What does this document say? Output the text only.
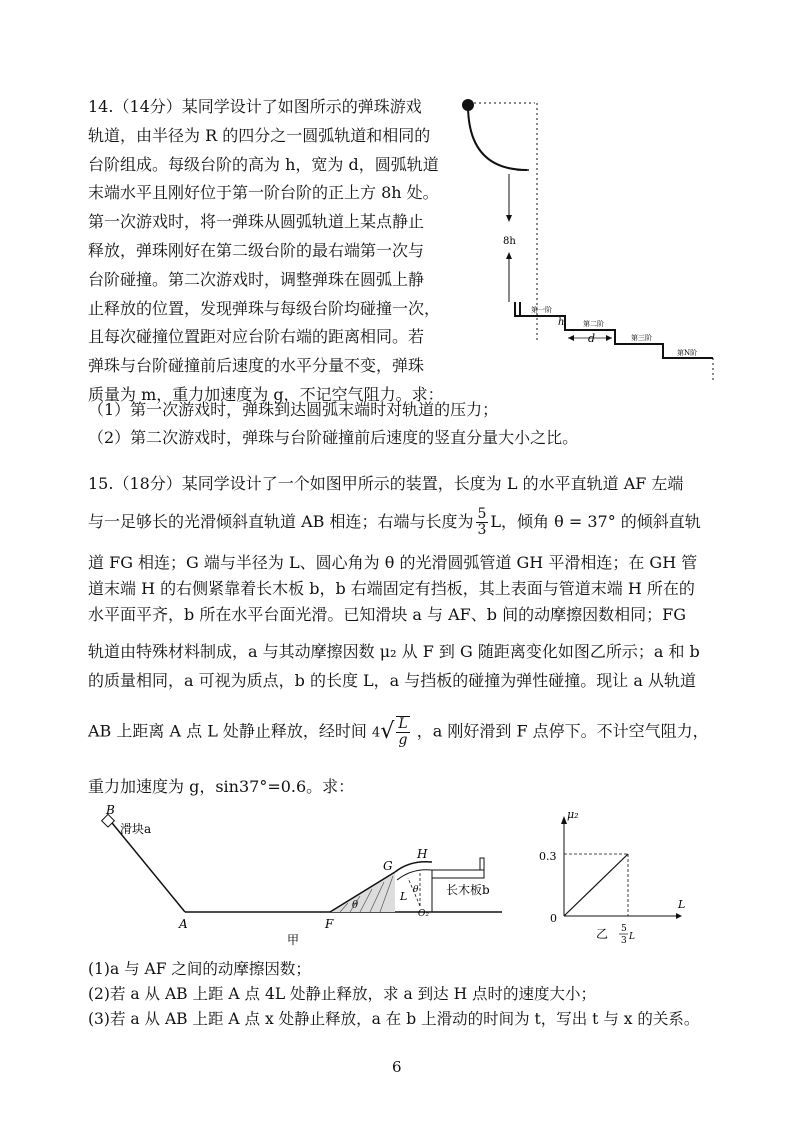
14.（14分）某同学设计了如图所示的弹珠游戏
轨道，由半径为 R 的四分之一圆弧轨道和相同的
台阶组成。每级台阶的高为 h，宽为 d，圆弧轨道
末端水平且刚好位于第一阶台阶的正上方 8h 处。
第一次游戏时，将一弹珠从圆弧轨道上某点静止
释放，弹珠刚好在第二级台阶的最右端第一次与
台阶碰撞。第二次游戏时，调整弹珠在圆弧上静
止释放的位置，发现弹珠与每级台阶均碰撞一次，
且每次碰撞位置距对应台阶右端的距离相同。若
弹珠与台阶碰撞前后速度的水平分量不变，弹珠
质量为 m，重力加速度为 g，不记空气阻力。求：
（1）第一次游戏时，弹珠到达圆弧末端时对轨道的压力；
（2）第二次游戏时，弹珠与台阶碰撞前后速度的竖直分量大小之比。
8h
第一阶
第二阶
第三阶
第N阶
h
d
15.（18分）某同学设计了一个如图甲所示的装置，长度为 L 的水平直轨道 AF 左端
与一足够长的光滑倾斜直轨道 AB 相连；右端与长度为 $\frac{5}{3}$ L，倾角 θ = 37° 的倾斜直轨
道 FG 相连；G 端与半径为 L、圆心角为 θ 的光滑圆弧管道 GH 平滑相连；在 GH 管
道末端 H 的右侧紧靠着长木板 b，b 右端固定有挡板，其上表面与管道末端 H 所在的
水平面平齐，b 所在水平台面光滑。已知滑块 a 与 AF、b 间的动摩擦因数相同；FG
轨道由特殊材料制成，a 与其动摩擦因数 μ₂ 从 F 到 G 随距离变化如图乙所示；a 和 b
的质量相同，a 可视为质点，b 的长度 L，a 与挡板的碰撞为弹性碰撞。现让 a 从轨道
AB 上距离 A 点 L 处静止释放，经时间 $4√ \frac{L}{g}$ ，a 刚好滑到 F 点停下。不计空气阻力，
重力加速度为 g，sin37°=0.6。求：
B
滑块a
A	F
θ
G
H
L θ
O₂
长木板b
甲
μ₂
0.3
0
L
乙 5
3 L
(1)a 与 AF 之间的动摩擦因数；
(2)若 a 从 AB 上距 A 点 4L 处静止释放，求 a 到达 H 点时的速度大小；
(3)若 a 从 AB 上距 A 点 x 处静止释放，a 在 b 上滑动的时间为 t，写出 t 与 x 的关系。
6
